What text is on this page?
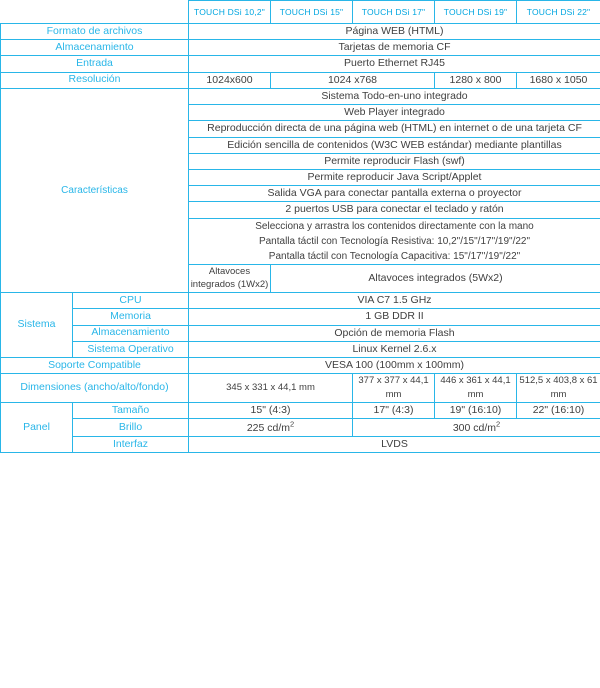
		TOUCH DSi 10,2"	TOUCH DSi 15"	TOUCH DSi 17"	TOUCH DSi 19"	TOUCH DSi 22"
Formato de archivos		Página WEB (HTML)				
Almacenamiento		Tarjetas de memoria CF				
Entrada		Puerto Ethernet RJ45				
Resolución		1024x600	1024 x768		1280 x 800	1680 x 1050
Características		Sistema Todo-en-uno integrado				
		Web Player integrado				
		Reproducción directa de una página web (HTML) en internet o de una tarjeta CF				
		Edición sencilla de contenidos (W3C WEB estándar) mediante plantillas				
		Permite reproducir Flash (swf)				
		Permite reproducir Java Script/Applet				
		Salida VGA para conectar pantalla externa o proyector				
		2 puertos USB para conectar el teclado y ratón				

		Selecciona y arrastra los contenidos directamente con la mano
Pantalla táctil con Tecnología Resistiva: 10,2"/15"/17"/19"/22"
Pantalla táctil con Tecnología Capacitiva: 15"/17"/19"/22"				

		Altavoces integrados (1Wx2)	Altavoces integrados (5Wx2)			
Sistema	CPU	VIA C7 1.5 GHz				
	Memoria	1 GB DDR II				
	Almacenamiento	Opción de memoria Flash				
	Sistema Operativo	Linux Kernel 2.6.x				
Soporte Compatible		VESA 100 (100mm x 100mm)				
Dimensiones (ancho/alto/fondo)		345 x 331 x 44,1 mm		377 x 377 x 44,1 mm	446 x 361 x 44,1 mm	512,5 x 403,8 x 61 mm
Panel	Tamaño	15" (4:3)		17" (4:3)	19" (16:10)	22" (16:10)
	Brillo	225 $cd/m^2$		300 $cd/m^2$
	Interfaz	LVDS				
